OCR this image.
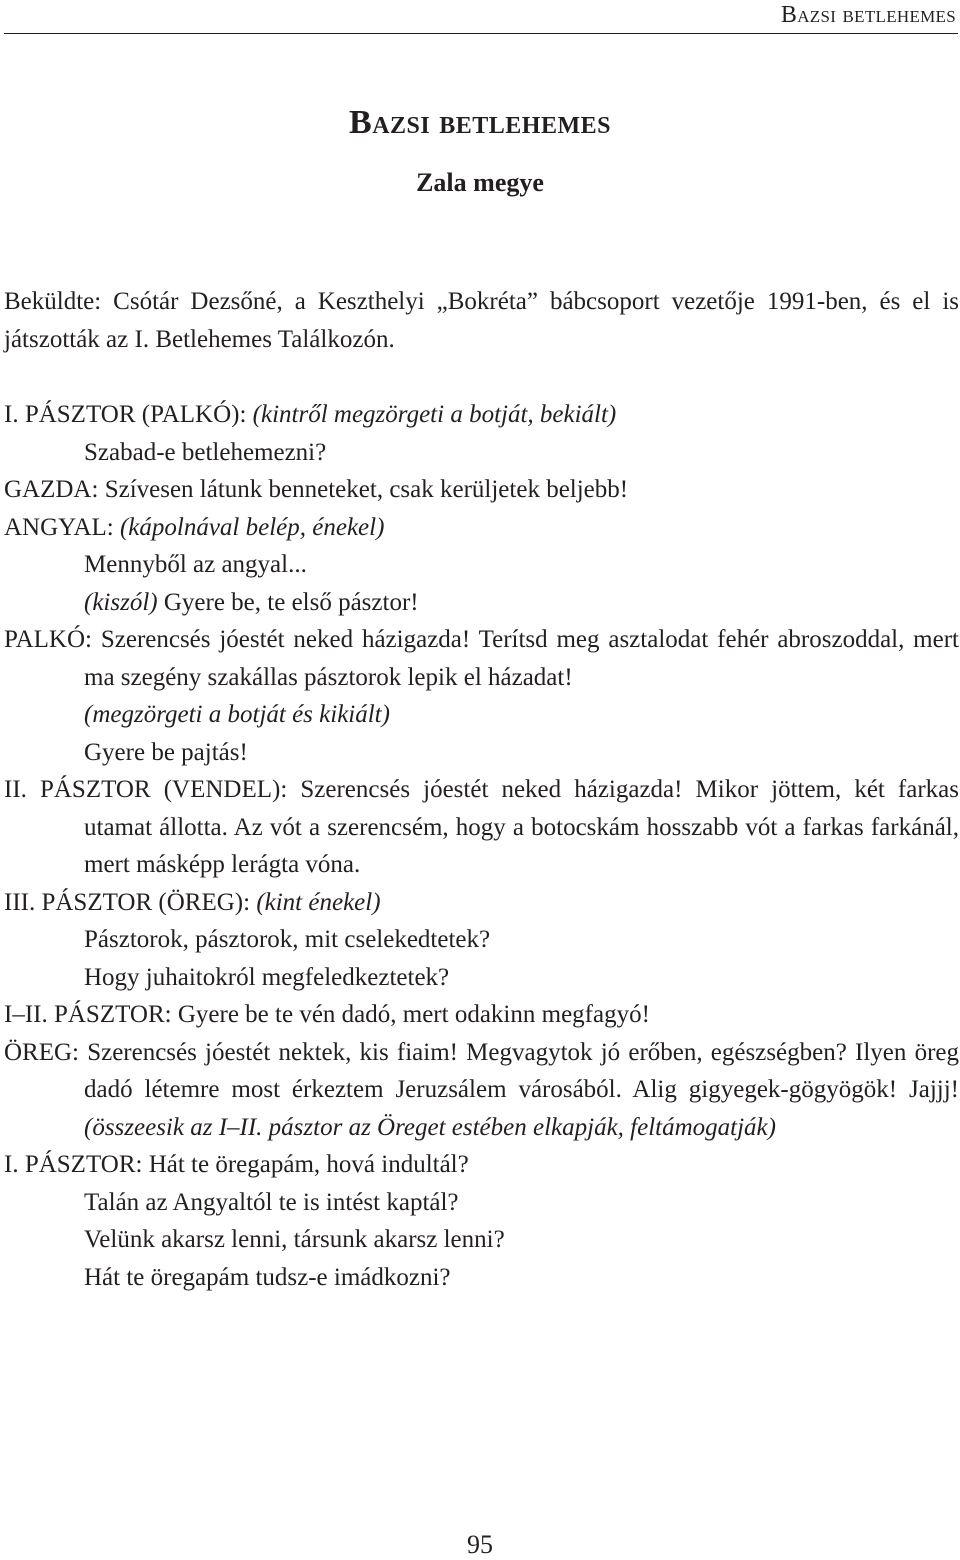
Bazsi betlehemes
Bazsi betlehemes
Zala megye

Beküldte: Csótár Dezsőné, a Keszthelyi „Bokréta” bábcsoport vezetője 1991-ben, és el is játszották az I. Betlehemes Találkozón.

I. PÁSZTOR (PALKÓ): (kintről megzörgeti a botját, bekiált)

Szabad-e betlehemezni?

GAZDA: Szívesen látunk benneteket, csak kerüljetek beljebb!

ANGYAL: (kápolnával belép, énekel)

Mennyből az angyal...

(kiszól) Gyere be, te első pásztor!

PALKÓ: Szerencsés jóestét neked házigazda! Terítsd meg asztalodat fehér abroszoddal, mert ma szegény szakállas pásztorok lepik el házadat!

(megzörgeti a botját és kikiált)

Gyere be pajtás!

II. PÁSZTOR (VENDEL): Szerencsés jóestét neked házigazda! Mikor jöttem, két farkas utamat állotta. Az vót a szerencsém, hogy a botocskám hosszabb vót a farkas farkánál, mert másképp lerágta vóna.

III. PÁSZTOR (ÖREG): (kint énekel)

Pásztorok, pásztorok, mit cselekedtetek?

Hogy juhaitokról megfeledkeztetek?

I–II. PÁSZTOR: Gyere be te vén dadó, mert odakinn megfagyó!

ÖREG: Szerencsés jóestét nektek, kis fiaim! Megvagytok jó erőben, egészségben? Ilyen öreg dadó létemre most érkeztem Jeruzsálem városából. Alig gigyegek-gögyögök! Jajjj! (összeesik az I–II. pásztor az Öreget estében elkapják, feltámogatják)

I. PÁSZTOR: Hát te öregapám, hová indultál?

Talán az Angyaltól te is intést kaptál?

Velünk akarsz lenni, társunk akarsz lenni?

Hát te öregapám tudsz-e imádkozni?

95
